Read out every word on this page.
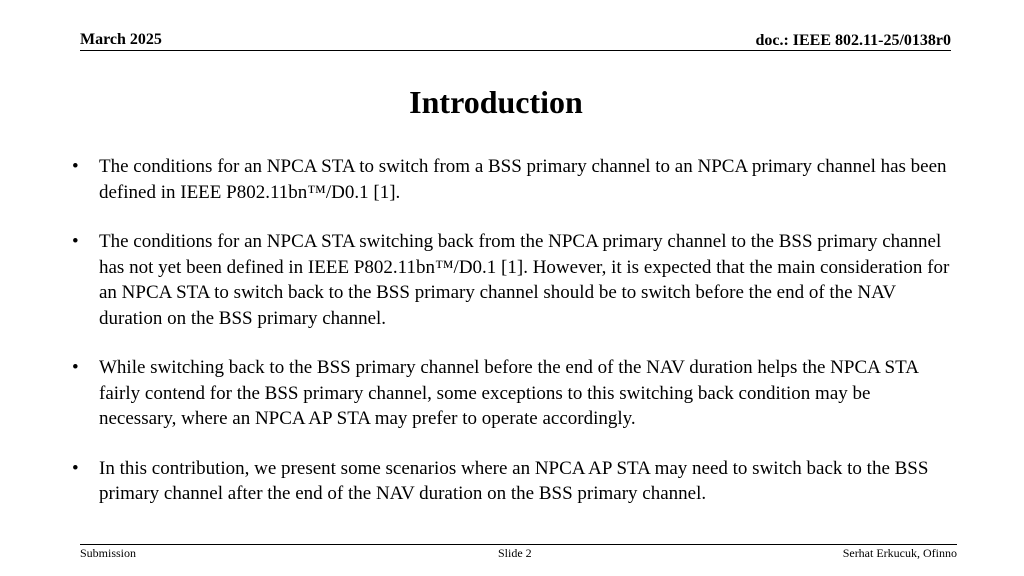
March 2025	doc.: IEEE 802.11-25/0138r0
Introduction
• The conditions for an NPCA STA to switch from a BSS primary channel to an NPCA primary channel has been defined in IEEE P802.11bn™/D0.1 [1].
• The conditions for an NPCA STA switching back from the NPCA primary channel to the BSS primary channel has not yet been defined in IEEE P802.11bn™/D0.1 [1]. However, it is expected that the main consideration for an NPCA STA to switch back to the BSS primary channel should be to switch before the end of the NAV duration on the BSS primary channel.
• While switching back to the BSS primary channel before the end of the NAV duration helps the NPCA STA fairly contend for the BSS primary channel, some exceptions to this switching back condition may be necessary, where an NPCA AP STA may prefer to operate accordingly.
• In this contribution, we present some scenarios where an NPCA AP STA may need to switch back to the BSS primary channel after the end of the NAV duration on the BSS primary channel.
Submission	Slide 2	Serhat Erkucuk, Ofinno
